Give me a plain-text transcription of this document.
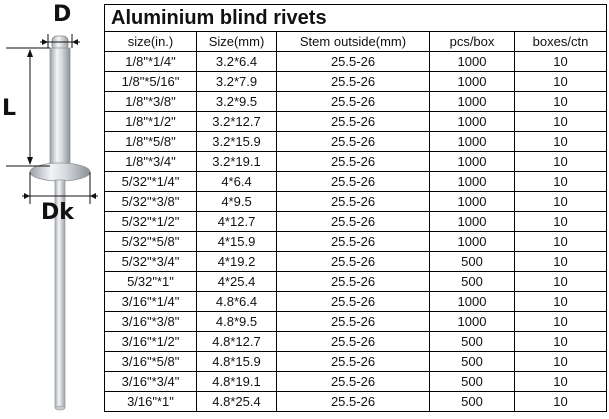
D
L
Dk
Aluminium blind rivets				
size(in.)	Size(mm)	Stem outside(mm)	pcs/box	boxes/ctn
1/8"*1/4"	3.2*6.4	25.5-26	1000	10
1/8"*5/16"	3.2*7.9	25.5-26	1000	10
1/8"*3/8"	3.2*9.5	25.5-26	1000	10
1/8"*1/2"	3.2*12.7	25.5-26	1000	10
1/8"*5/8"	3.2*15.9	25.5-26	1000	10
1/8"*3/4"	3.2*19.1	25.5-26	1000	10
5/32"*1/4"	4*6.4	25.5-26	1000	10
5/32"*3/8"	4*9.5	25.5-26	1000	10
5/32"*1/2"	4*12.7	25.5-26	1000	10
5/32"*5/8"	4*15.9	25.5-26	1000	10
5/32"*3/4"	4*19.2	25.5-26	500	10
5/32"*1"	4*25.4	25.5-26	500	10
3/16"*1/4"	4.8*6.4	25.5-26	1000	10
3/16"*3/8"	4.8*9.5	25.5-26	1000	10
3/16"*1/2"	4.8*12.7	25.5-26	500	10
3/16"*5/8"	4.8*15.9	25.5-26	500	10
3/16"*3/4"	4.8*19.1	25.5-26	500	10
3/16"*1"	4.8*25.4	25.5-26	500	10
